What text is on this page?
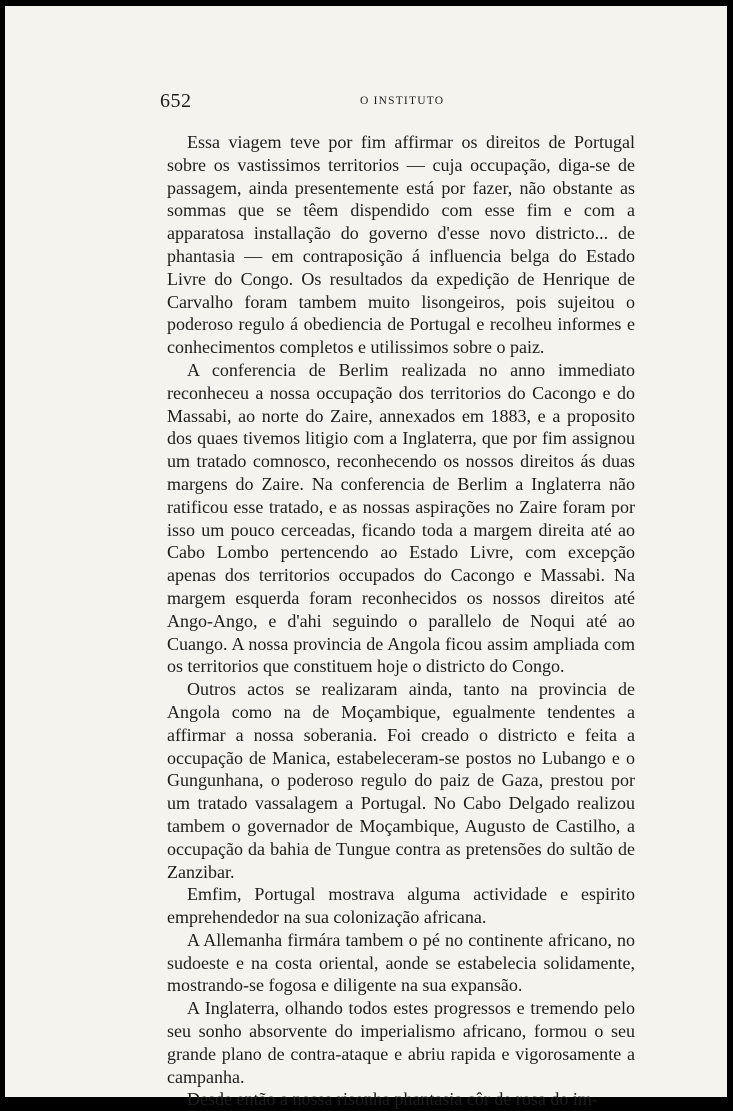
652	O INSTITUTO

Essa viagem teve por fim affirmar os direitos de Portugal sobre os vastissimos territorios — cuja occupação, diga-se de passagem, ainda presentemente está por fazer, não obstante as sommas que se têem dispendido com esse fim e com a apparatosa installação do governo d'esse novo districto... de phantasia — em contraposição á influencia belga do Estado Livre do Congo. Os resultados da expedição de Henrique de Carvalho foram tambem muito lisongeiros, pois sujeitou o poderoso regulo á obediencia de Portugal e recolheu informes e conhecimentos completos e utilissimos sobre o paiz.

A conferencia de Berlim realizada no anno immediato reconheceu a nossa occupação dos territorios do Cacongo e do Massabi, ao norte do Zaire, annexados em 1883, e a proposito dos quaes tivemos litigio com a Inglaterra, que por fim assignou um tratado comnosco, reconhecendo os nossos direitos ás duas margens do Zaire. Na conferencia de Berlim a Inglaterra não ratificou esse tratado, e as nossas aspirações no Zaire foram por isso um pouco cerceadas, ficando toda a margem direita até ao Cabo Lombo pertencendo ao Estado Livre, com excepção apenas dos territorios occupados do Cacongo e Massabi. Na margem esquerda foram reconhecidos os nossos direitos até Ango-Ango, e d'ahi seguindo o parallelo de Noqui até ao Cuango. A nossa provincia de Angola ficou assim ampliada com os territorios que constituem hoje o districto do Congo.

Outros actos se realizaram ainda, tanto na provincia de Angola como na de Moçambique, egualmente tendentes a affirmar a nossa soberania. Foi creado o districto e feita a occupação de Manica, estabeleceram-se postos no Lubango e o Gungunhana, o poderoso regulo do paiz de Gaza, prestou por um tratado vassalagem a Portugal. No Cabo Delgado realizou tambem o governador de Moçambique, Augusto de Castilho, a occupação da bahia de Tungue contra as pretensões do sultão de Zanzibar.

Emfim, Portugal mostrava alguma actividade e espirito emprehendedor na sua colonização africana.

A Allemanha firmára tambem o pé no continente africano, no sudoeste e na costa oriental, aonde se estabelecia solidamente, mostrando-se fogosa e diligente na sua expansão.

A Inglaterra, olhando todos estes progressos e tremendo pelo seu sonho absorvente do imperialismo africano, formou o seu grande plano de contra-ataque e abriu rapida e vigorosamente a campanha.

Desde então a nossa risonha phantasia côr de rosa do im-
